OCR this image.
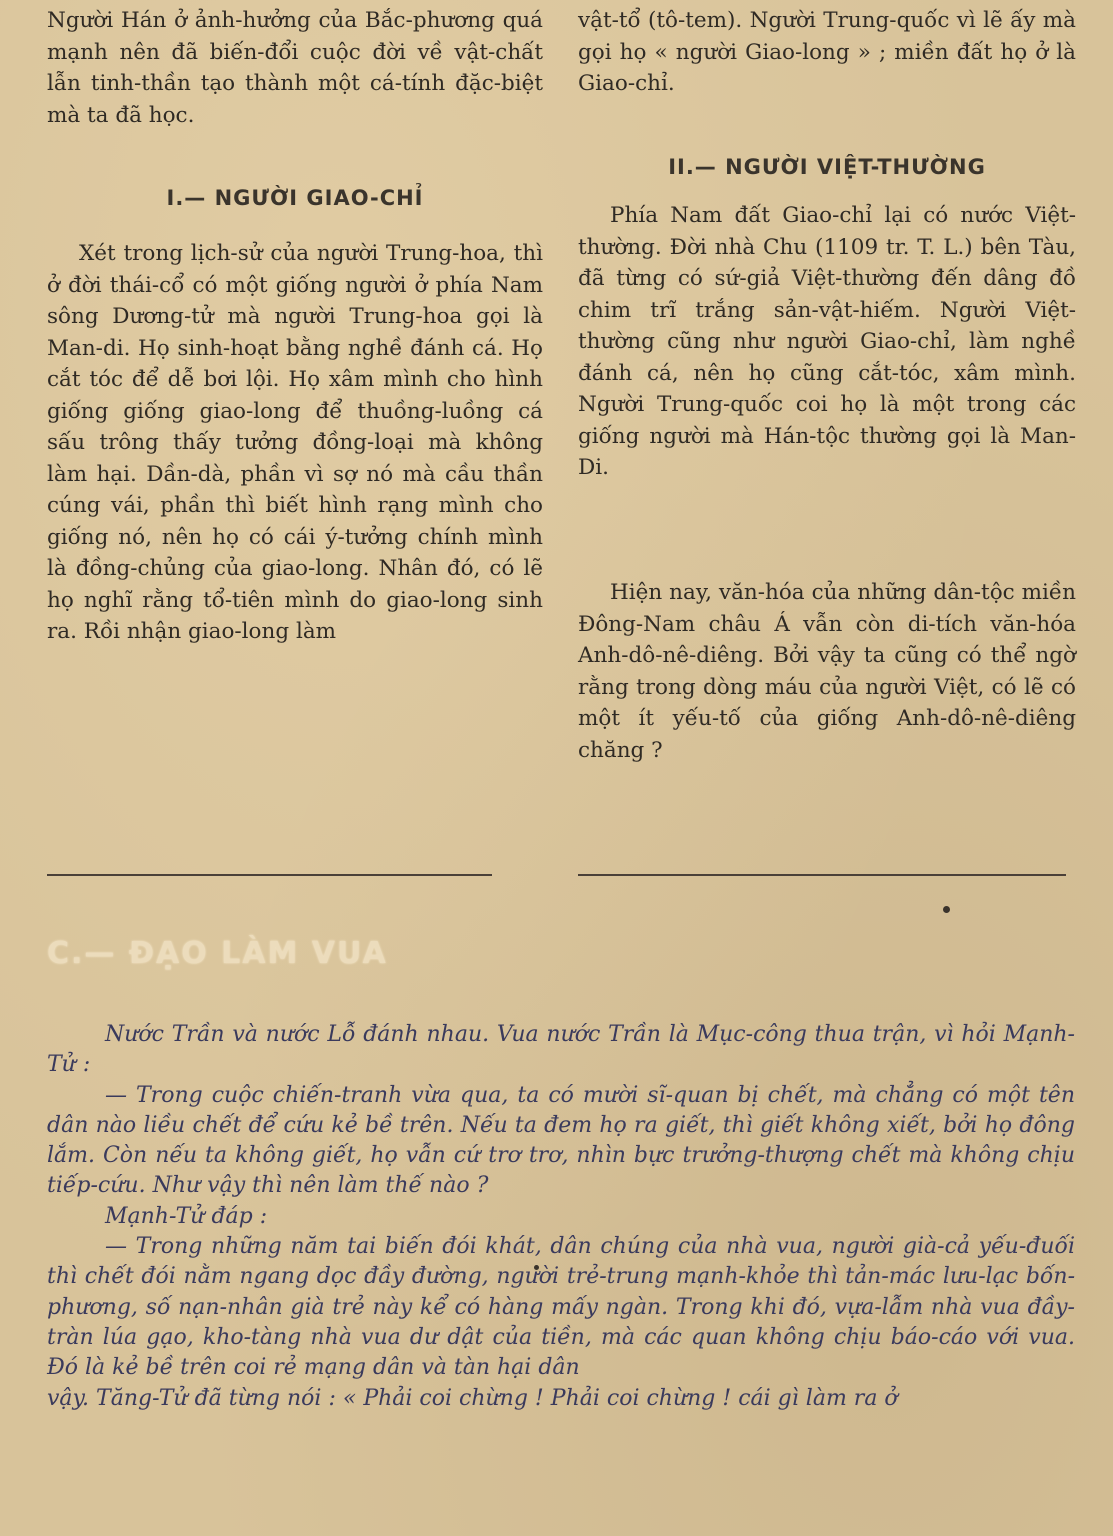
Người Hán ở ảnh-hưởng của Bắc-phương quá mạnh nên đã biến-đổi cuộc đời về vật-chất lẫn tinh-thần tạo thành một cá-tính đặc-biệt mà ta đã học.

I.— NGƯỜI GIAO-CHỈ

Xét trong lịch-sử của người Trung-hoa, thì ở đời thái-cổ có một giống người ở phía Nam sông Dương-tử mà người Trung-hoa gọi là Man-di. Họ sinh-hoạt bằng nghề đánh cá. Họ cắt tóc để dễ bơi lội. Họ xâm mình cho hình giống giống giao-long để thuồng-luồng cá sấu trông thấy tưởng đồng-loại mà không làm hại. Dần-dà, phần vì sợ nó mà cầu thần cúng vái, phần thì biết hình rạng mình cho giống nó, nên họ có cái ý-tưởng chính mình là đồng-chủng của giao-long. Nhân đó, có lẽ họ nghĩ rằng tổ-tiên mình do giao-long sinh ra. Rồi nhận giao-long làm

vật-tổ (tô-tem). Người Trung-quốc vì lẽ ấy mà gọi họ « người Giao-long » ; miền đất họ ở là Giao-chỉ.

II.— NGƯỜI VIỆT-THƯỜNG

Phía Nam đất Giao-chỉ lại có nước Việt-thường. Đời nhà Chu (1109 tr. T. L.) bên Tàu, đã từng có sứ-giả Việt-thường đến dâng đồ chim trĩ trắng sản-vật-hiếm. Người Việt-thường cũng như người Giao-chỉ, làm nghề đánh cá, nên họ cũng cắt-tóc, xâm mình. Người Trung-quốc coi họ là một trong các giống người mà Hán-tộc thường gọi là Man-Di.

Hiện nay, văn-hóa của những dân-tộc miền Đông-Nam châu Á vẫn còn di-tích văn-hóa Anh-dô-nê-diêng. Bởi vậy ta cũng có thể ngờ rằng trong dòng máu của người Việt, có lẽ có một ít yếu-tố của giống Anh-dô-nê-diêng chăng ?

C.— ĐẠO LÀM VUA

Nước Trần và nước Lỗ đánh nhau. Vua nước Trần là Mục-công thua trận, vì hỏi Mạnh-Tử :

— Trong cuộc chiến-tranh vừa qua, ta có mười sĩ-quan bị chết, mà chẳng có một tên dân nào liều chết để cứu kẻ bề trên. Nếu ta đem họ ra giết, thì giết không xiết, bởi họ đông lắm. Còn nếu ta không giết, họ vẫn cứ trơ trơ, nhìn bực trưởng-thượng chết mà không chịu tiếp-cứu. Như vậy thì nên làm thế nào ?

Mạnh-Tử đáp :

— Trong những năm tai biến đói khát, dân chúng của nhà vua, người già-cả yếu-đuối thì chết đói nằm ngang dọc đầy đường, người trẻ-trung mạnh-khỏe thì tản-mác lưu-lạc bốn-phương, số nạn-nhân già trẻ này kể có hàng mấy ngàn. Trong khi đó, vựa-lẫm nhà vua đầy-tràn lúa gạo, kho-tàng nhà vua dư dật của tiền, mà các quan không chịu báo-cáo với vua. Đó là kẻ bề trên coi rẻ mạng dân và tàn hại dân

vậy. Tăng-Tử đã từng nói : « Phải coi chừng ! Phải coi chừng ! cái gì làm ra ở
